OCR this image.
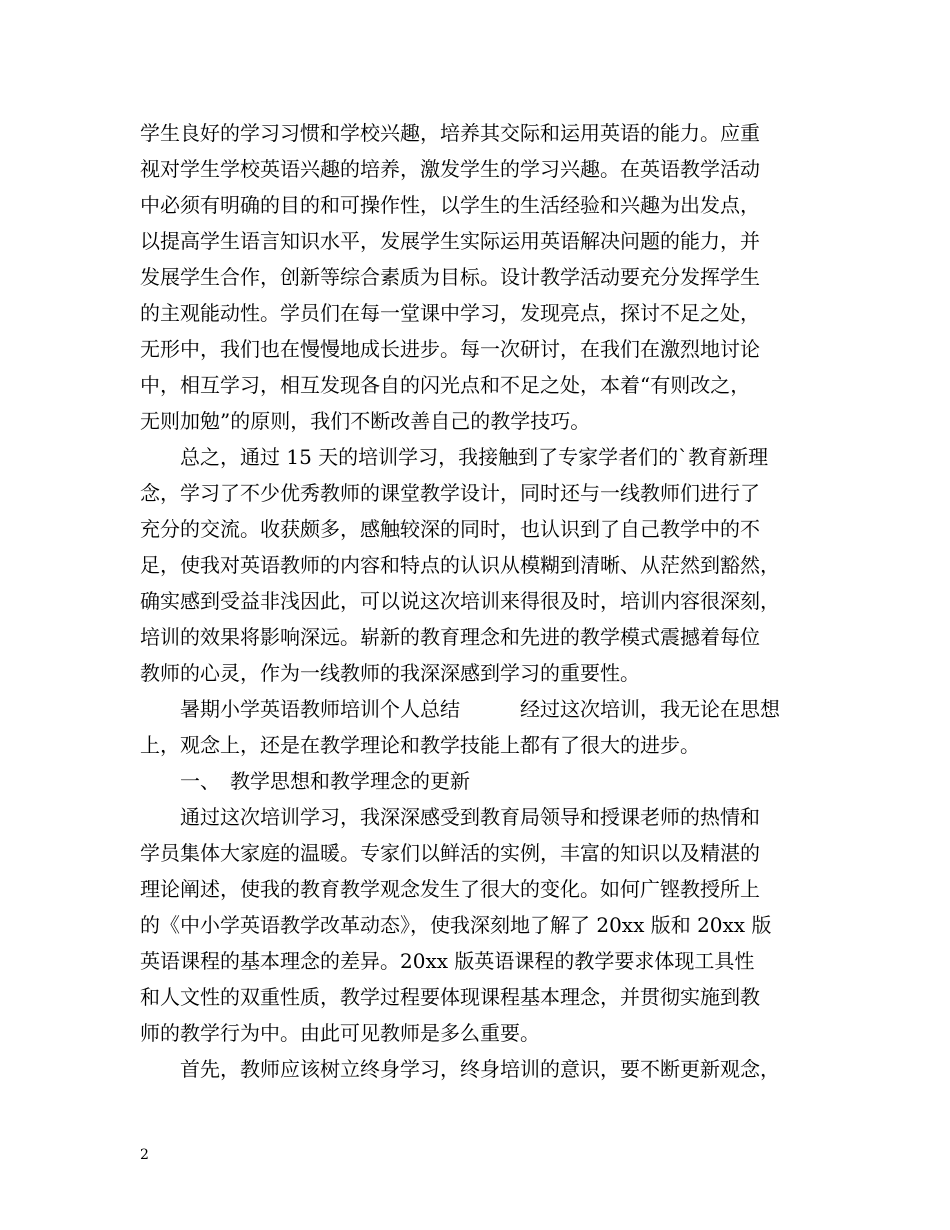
学生良好的学习习惯和学校兴趣，培养其交际和运用英语的能力。应重
视对学生学校英语兴趣的培养，激发学生的学习兴趣。在英语教学活动
中必须有明确的目的和可操作性，以学生的生活经验和兴趣为出发点，
以提高学生语言知识水平，发展学生实际运用英语解决问题的能力，并
发展学生合作，创新等综合素质为目标。设计教学活动要充分发挥学生
的主观能动性。学员们在每一堂课中学习，发现亮点，探讨不足之处，
无形中，我们也在慢慢地成长进步。每一次研讨，在我们在激烈地讨论
中，相互学习，相互发现各自的闪光点和不足之处，本着“有则改之，
无则加勉”的原则，我们不断改善自己的教学技巧。
　　总之，通过 15 天的培训学习，我接触到了专家学者们的`教育新理
念，学习了不少优秀教师的课堂教学设计，同时还与一线教师们进行了
充分的交流。收获颇多，感触较深的同时，也认识到了自己教学中的不
足，使我对英语教师的内容和特点的认识从模糊到清晰、从茫然到豁然，
确实感到受益非浅因此，可以说这次培训来得很及时，培训内容很深刻，
培训的效果将影响深远。崭新的教育理念和先进的教学模式震撼着每位
教师的心灵，作为一线教师的我深深感到学习的重要性。
　　暑期小学英语教师培训个人总结　　　经过这次培训，我无论在思想
上，观念上，还是在教学理论和教学技能上都有了很大的进步。
　　一、　教学思想和教学理念的更新
　　通过这次培训学习，我深深感受到教育局领导和授课老师的热情和
学员集体大家庭的温暖。专家们以鲜活的实例，丰富的知识以及精湛的
理论阐述，使我的教育教学观念发生了很大的变化。如何广铿教授所上
的《中小学英语教学改革动态》，使我深刻地了解了 20xx 版和 20xx 版
英语课程的基本理念的差异。20xx 版英语课程的教学要求体现工具性
和人文性的双重性质，教学过程要体现课程基本理念，并贯彻实施到教
师的教学行为中。由此可见教师是多么重要。
　　首先，教师应该树立终身学习，终身培训的意识，要不断更新观念，
2
